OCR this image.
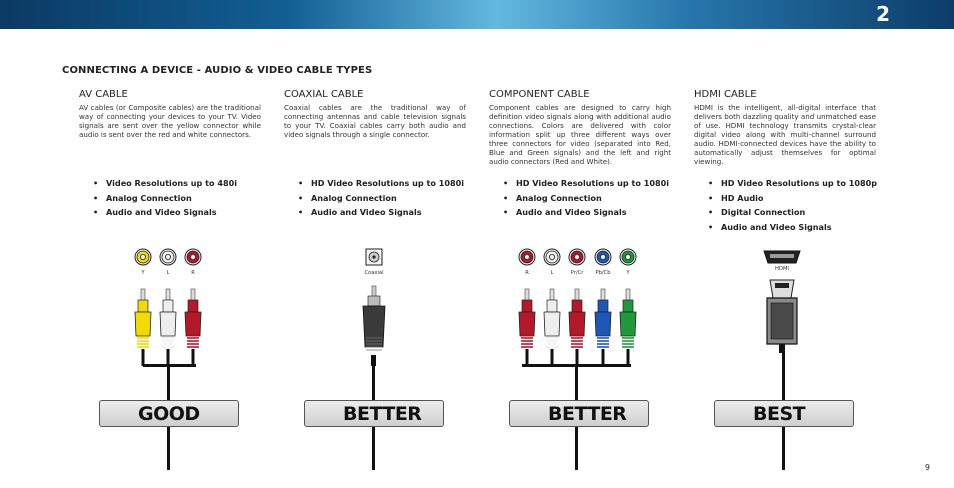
2
CONNECTING A DEVICE - AUDIO & VIDEO CABLE TYPES
AV CABLE
AV cables (or Composite cables) are the traditional way of connecting your devices to your TV. Video signals are sent over the yellow connector while audio is sent over the red and white connectors.
COAXIAL CABLE
Coaxial cables are the traditional way of connecting antennas and cable television signals to your TV. Coaxial cables carry both audio and video signals through a single connector.
COMPONENT CABLE
Component cables are designed to carry high definition video signals along with additional audio connections. Colors are delivered with color information split up three different ways over three connectors for video (separated into Red, Blue and Green signals) and the left and right audio connectors (Red and White).
HDMI CABLE
HDMI is the intelligent, all-digital interface that delivers both dazzling quality and unmatched ease of use. HDMI technology transmits crystal-clear digital video along with multi-channel surround audio. HDMI-connected devices have the ability to automatically adjust themselves for optimal viewing.
• Video Resolutions up to 480i
• Analog Connection
• Audio and Video Signals
• HD Video Resolutions up to 1080i
• Analog Connection
• Audio and Video Signals
• HD Video Resolutions up to 1080i
• Analog Connection
• Audio and Video Signals
• HD Video Resolutions up to 1080p
• HD Audio
• Digital Connection
• Audio and Video Signals
GOOD	BETTER	BETTER	BEST
Y	L	R	Coaxial	R	L	Pr/Cr Pb/Cb	Y
HDMI
9
